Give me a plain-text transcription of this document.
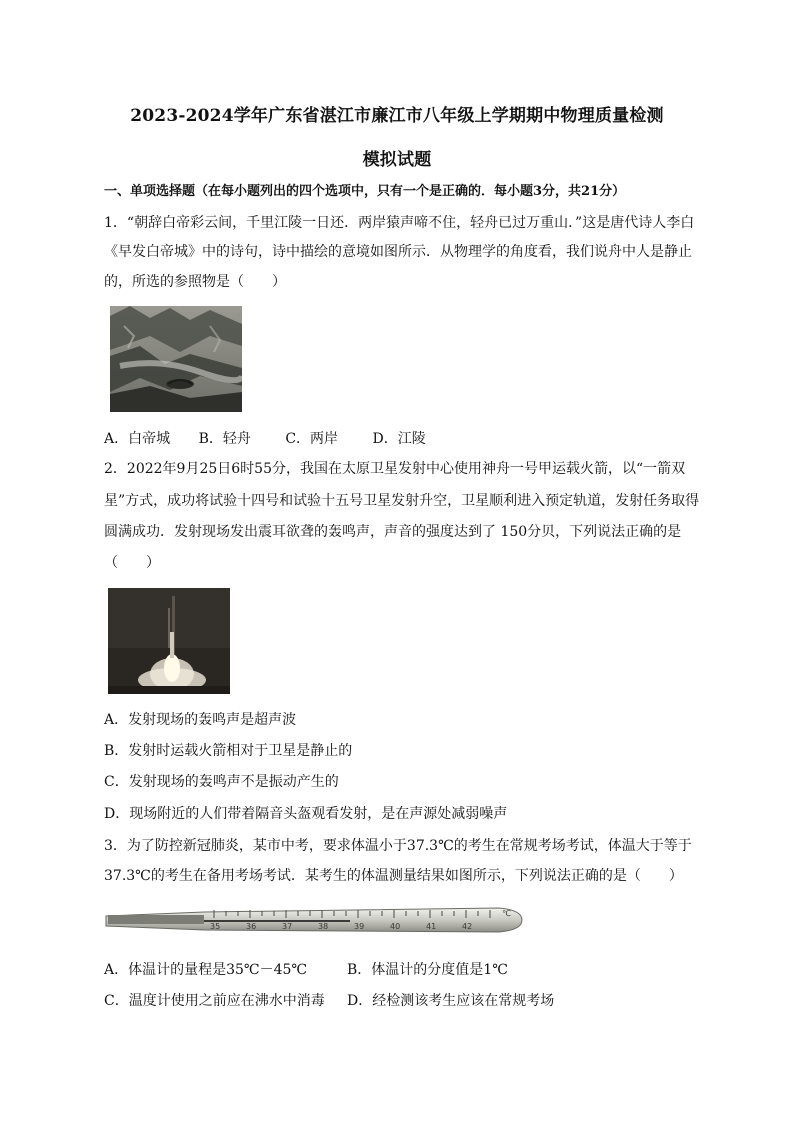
2023-2024学年广东省湛江市廉江市八年级上学期期中物理质量检测
模拟试题
一、单项选择题（在每小题列出的四个选项中，只有一个是正确的．每小题3分，共21分）
1．“朝辞白帝彩云间，千里江陵一日还．两岸猿声啼不住，轻舟已过万重山．”这是唐代诗人李白
《早发白帝城》中的诗句，诗中描绘的意境如图所示．从物理学的角度看，我们说舟中人是静止
的，所选的参照物是（　　）
A．白帝城 B．轻舟 C．两岸 D．江陵
2．2022年9月25日6时55分，我国在太原卫星发射中心使用神舟一号甲运载火箭，以“一箭双
星”方式，成功将试验十四号和试验十五号卫星发射升空，卫星顺利进入预定轨道，发射任务取得
圆满成功．发射现场发出震耳欲聋的轰鸣声，声音的强度达到了 150分贝，下列说法正确的是
（　　）
A．发射现场的轰鸣声是超声波
B．发射时运载火箭相对于卫星是静止的
C．发射现场的轰鸣声不是振动产生的
D．现场附近的人们带着隔音头盔观看发射，是在声源处减弱噪声
3．为了防控新冠肺炎，某市中考，要求体温小于37.3℃的考生在常规考场考试，体温大于等于
37.3℃的考生在备用考场考试．某考生的体温测量结果如图所示，下列说法正确的是（　　）
35	36	37	38	39	40	41	42
℃
A．体温计的量程是35℃－45℃	B．体温计的分度值是1℃
C．温度计使用之前应在沸水中消毒 D．经检测该考生应该在常规考场
